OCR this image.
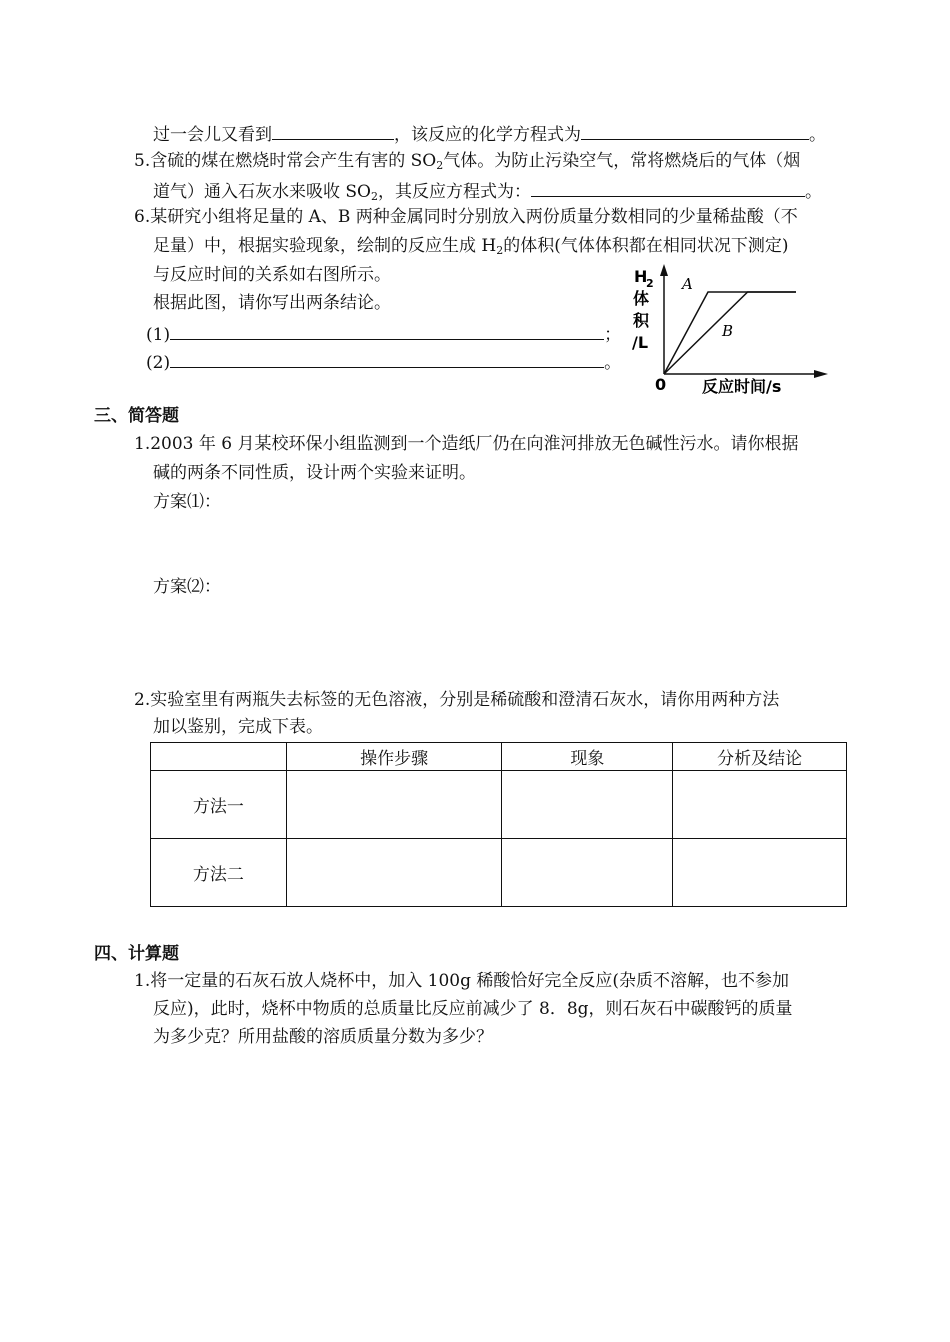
过一会儿又看到	，该反应的化学方程式为	。
5.含硫的煤在燃烧时常会产生有害的 $SO_2$气体。为防止污染空气，常将燃烧后的气体（烟
道气）通入石灰水来吸收 $SO_2$，其反应方程式为：	。
6.某研究小组将足量的 A、B 两种金属同时分别放入两份质量分数相同的少量稀盐酸（不
足量）中，根据实验现象，绘制的反应生成 $H_2$的体积(气体体积都在相同状况下测定)
与反应时间的关系如右图所示。
根据此图，请你写出两条结论。
(1)	；
(2)	。
H
2
体
积
/L
0 反应时间/s
A
B
三、简答题
1.2003 年 6 月某校环保小组监测到一个造纸厂仍在向淮河排放无色碱性污水。请你根据
碱的两条不同性质，设计两个实验来证明。
方案⑴：
方案⑵：
2.实验室里有两瓶失去标签的无色溶液，分别是稀硫酸和澄清石灰水，请你用两种方法
加以鉴别，完成下表。
	操作步骤	现象	分析及结论
方法一			
方法二			
四、计算题
1.将一定量的石灰石放人烧杯中，加入 100g 稀酸恰好完全反应(杂质不溶解，也不参加
反应)，此时，烧杯中物质的总质量比反应前减少了 8．8g，则石灰石中碳酸钙的质量
为多少克？所用盐酸的溶质质量分数为多少？
